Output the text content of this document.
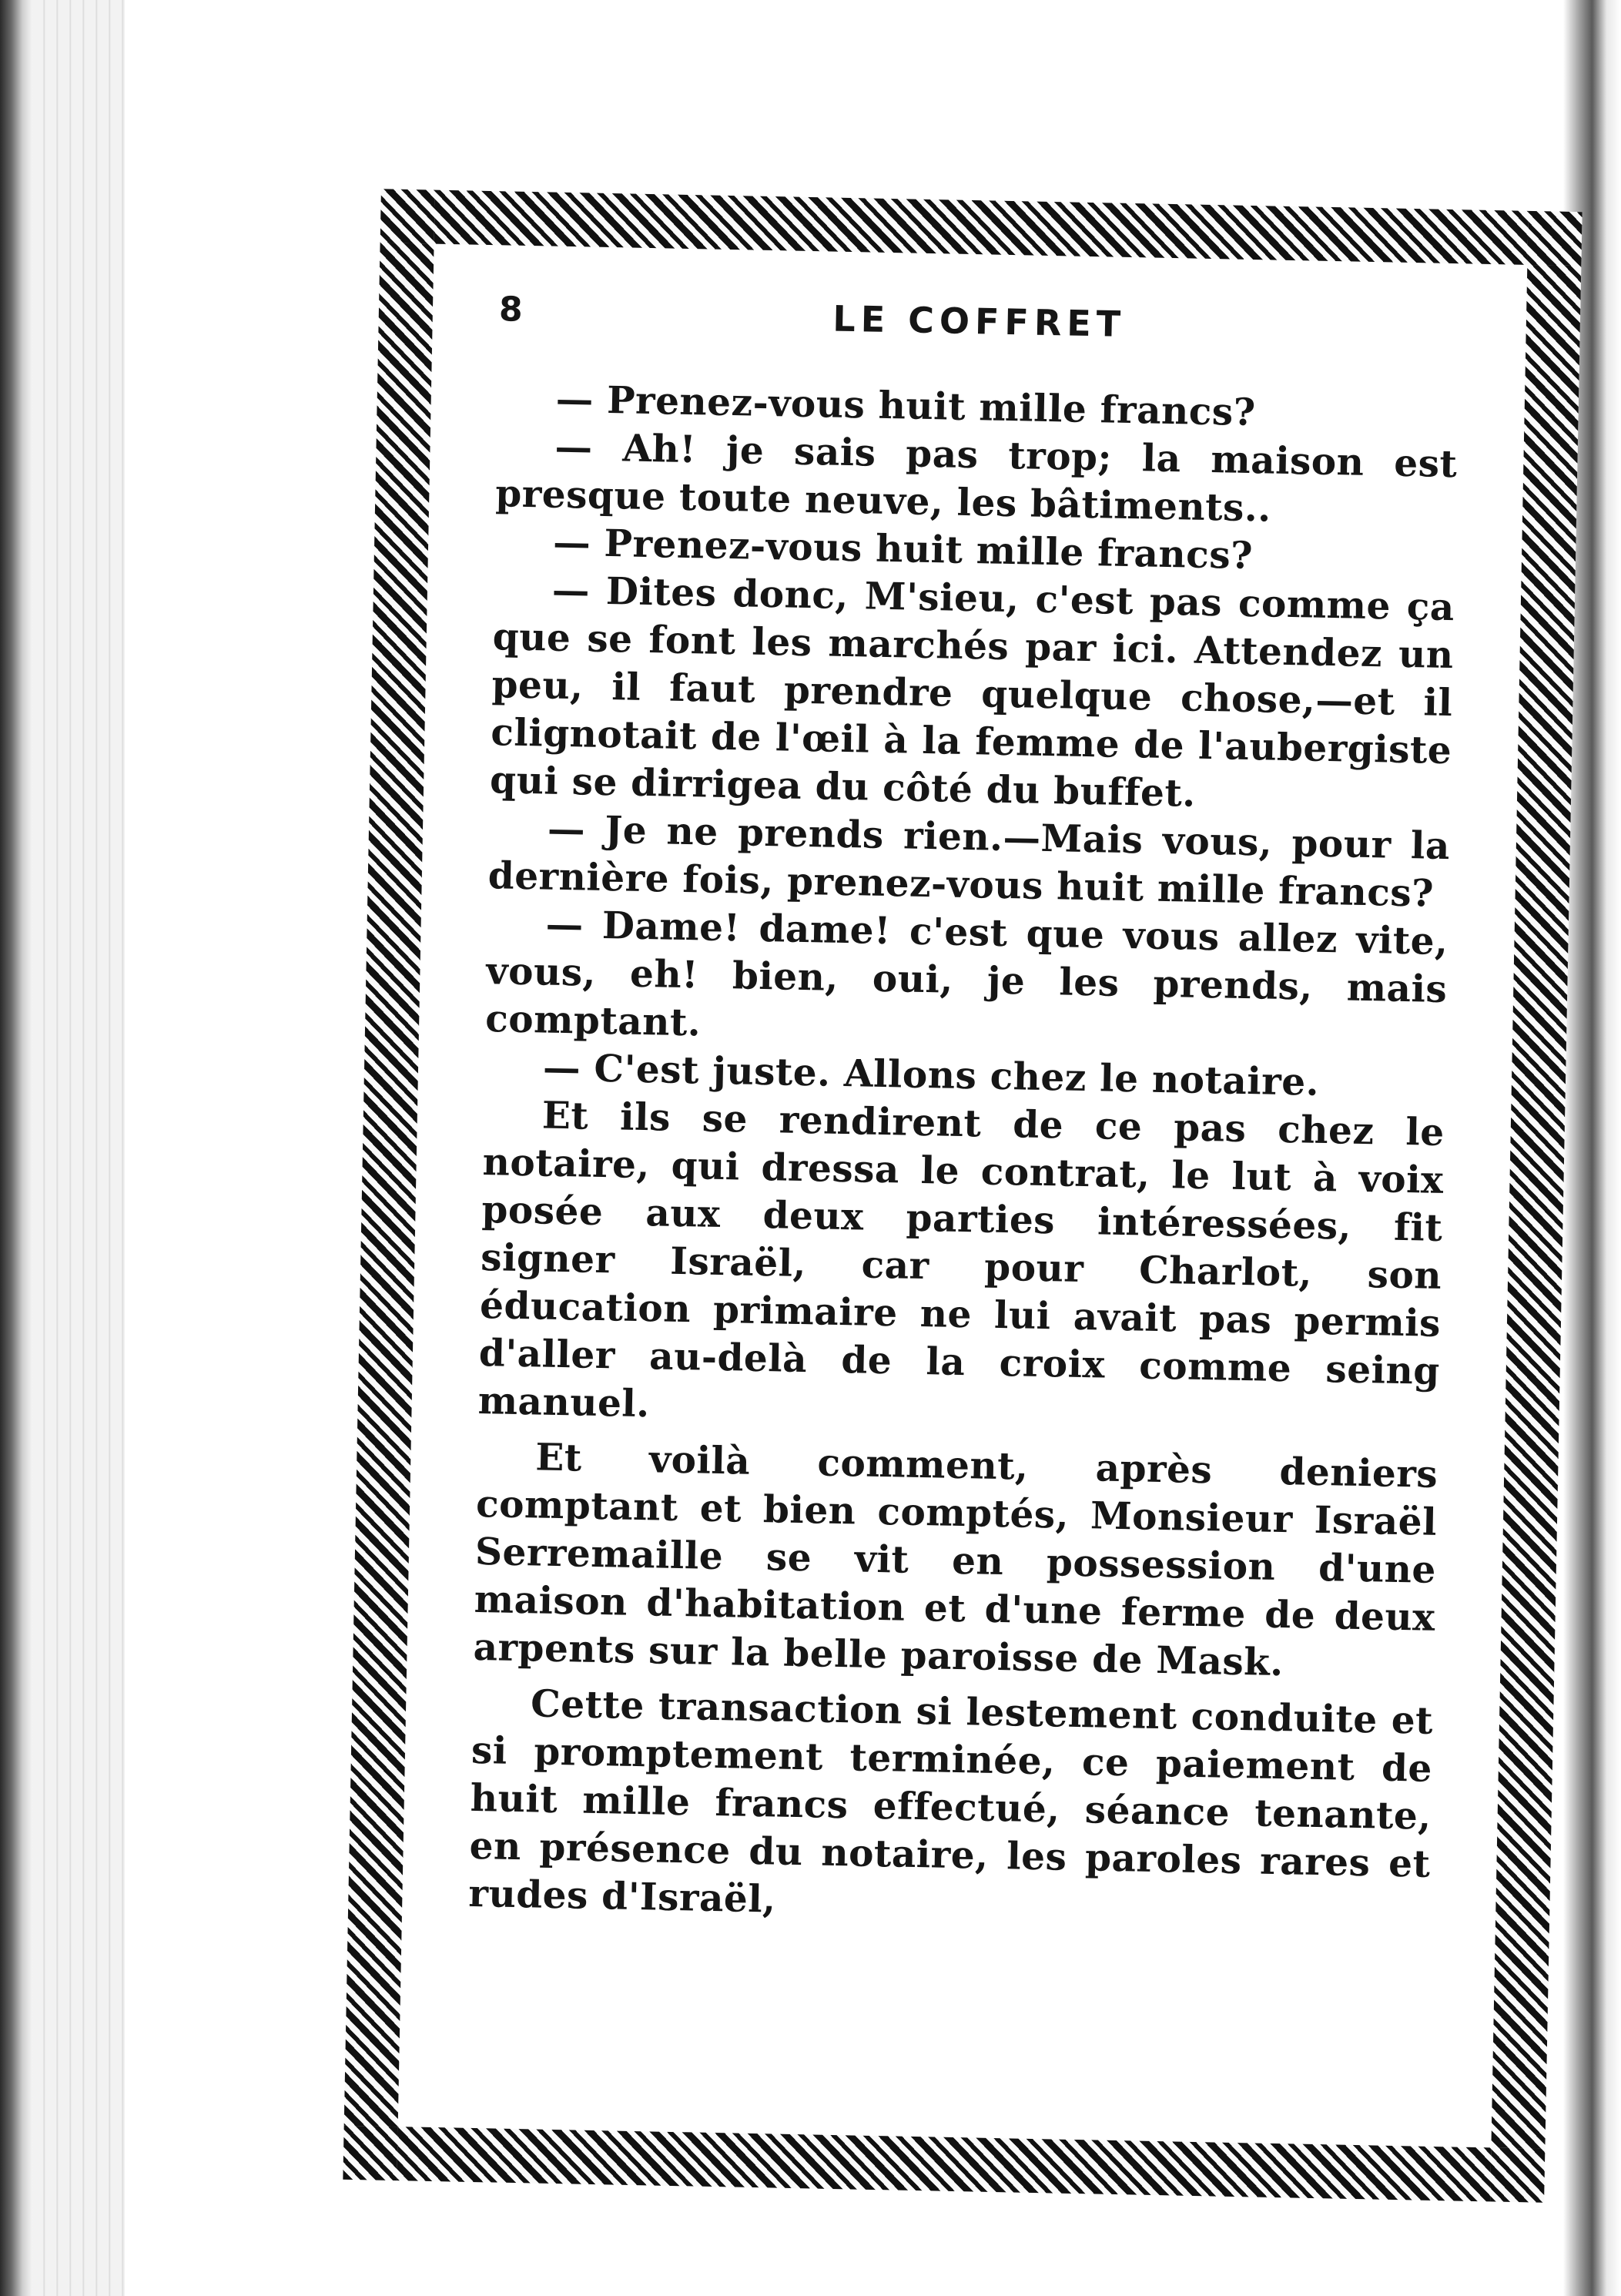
8	LE COFFRET

— Prenez-vous huit mille francs?

— Ah! je sais pas trop; la maison est presque toute neuve, les bâtiments..

— Prenez-vous huit mille francs?

— Dites donc, M'sieu, c'est pas comme ça que se font les marchés par ici. Attendez un peu, il faut prendre quelque chose,—et il clignotait de l'œil à la femme de l'aubergiste qui se dirrigea du côté du buffet.

— Je ne prends rien.—Mais vous, pour la dernière fois, prenez-vous huit mille francs?

— Dame! dame! c'est que vous allez vite, vous, eh! bien, oui, je les prends, mais comptant.

— C'est juste. Allons chez le notaire.

Et ils se rendirent de ce pas chez le notaire, qui dressa le contrat, le lut à voix posée aux deux parties intéressées, fit signer Israël, car pour Charlot, son éducation primaire ne lui avait pas permis d'aller au-delà de la croix comme seing manuel.

Et voilà comment, après deniers comptant et bien comptés, Monsieur Israël Serremaille se vit en possession d'une maison d'habitation et d'une ferme de deux arpents sur la belle paroisse de Mask.

Cette transaction si lestement conduite et si promptement terminée, ce paiement de huit mille francs effectué, séance tenante, en présence du notaire, les paroles rares et rudes d'Israël,
